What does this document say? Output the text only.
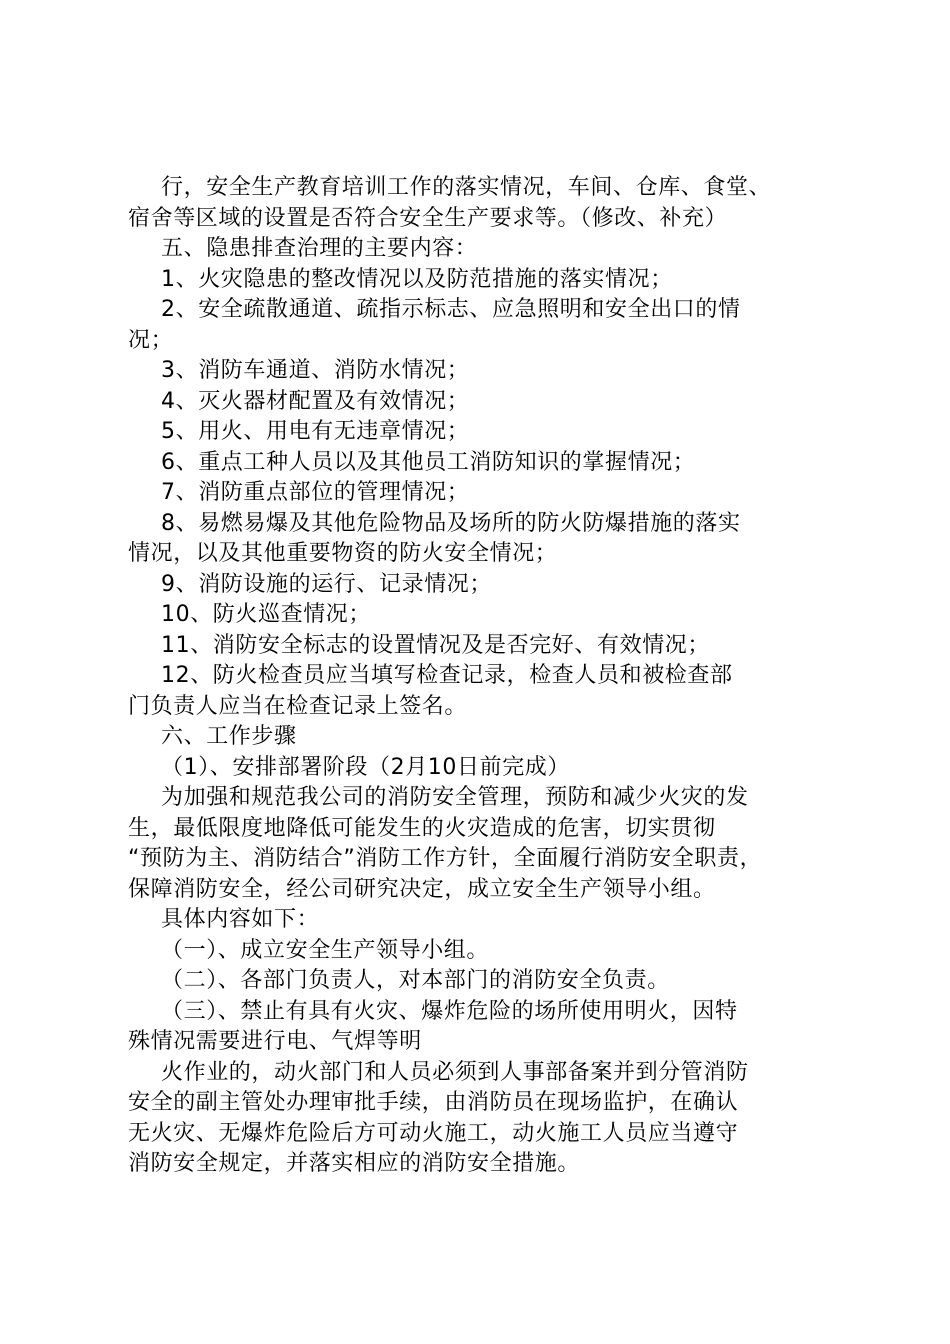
行，安全生产教育培训工作的落实情况，车间、仓库、食堂、
宿舍等区域的设置是否符合安全生产要求等。（修改、补充）
五、隐患排查治理的主要内容：
1、火灾隐患的整改情况以及防范措施的落实情况；
2、安全疏散通道、疏指示标志、应急照明和安全出口的情
况；
3、消防车通道、消防水情况；
4、灭火器材配置及有效情况；
5、用火、用电有无违章情况；
6、重点工种人员以及其他员工消防知识的掌握情况；
7、消防重点部位的管理情况；
8、易燃易爆及其他危险物品及场所的防火防爆措施的落实
情况，以及其他重要物资的防火安全情况；
9、消防设施的运行、记录情况；
10、防火巡查情况；
11、消防安全标志的设置情况及是否完好、有效情况；
12、防火检查员应当填写检查记录，检查人员和被检查部
门负责人应当在检查记录上签名。
六、工作步骤
（1）、安排部署阶段（2月10日前完成）
为加强和规范我公司的消防安全管理，预防和减少火灾的发
生，最低限度地降低可能发生的火灾造成的危害，切实贯彻
“预防为主、消防结合”消防工作方针，全面履行消防安全职责，
保障消防安全，经公司研究决定，成立安全生产领导小组。
具体内容如下：
（一）、成立安全生产领导小组。
（二）、各部门负责人，对本部门的消防安全负责。
（三）、禁止有具有火灾、爆炸危险的场所使用明火，因特
殊情况需要进行电、气焊等明
火作业的，动火部门和人员必须到人事部备案并到分管消防
安全的副主管处办理审批手续，由消防员在现场监护，在确认
无火灾、无爆炸危险后方可动火施工，动火施工人员应当遵守
消防安全规定，并落实相应的消防安全措施。
